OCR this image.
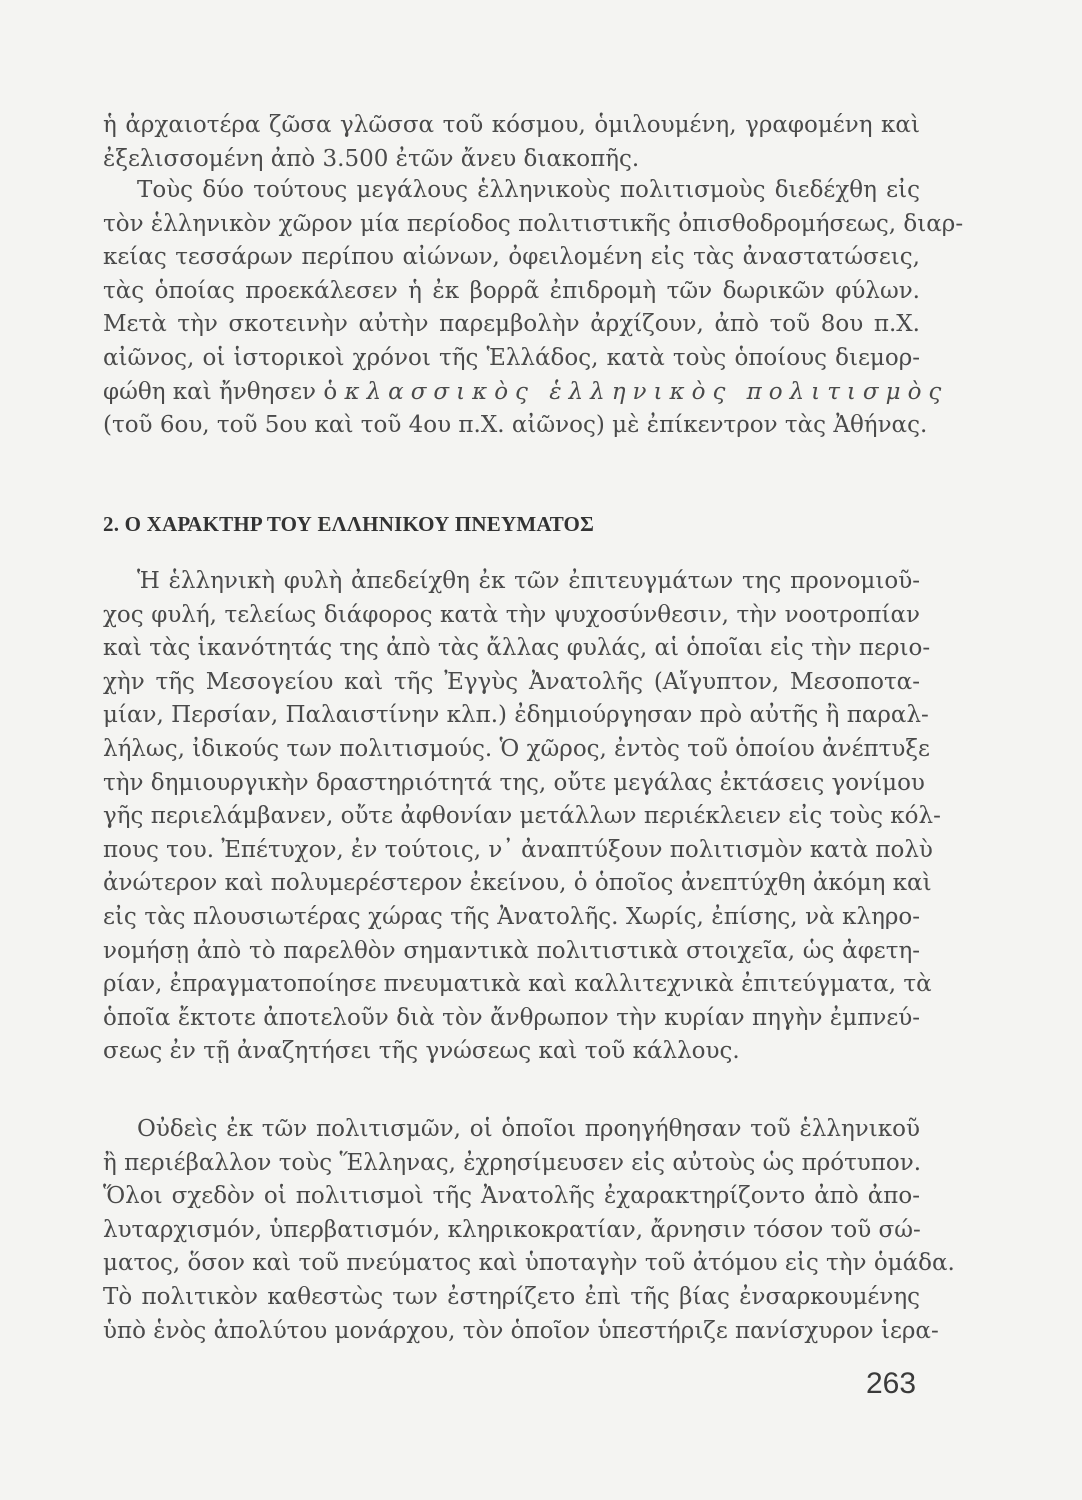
2. Ο ΧΑΡΑΚΤΗΡ ΤΟΥ ΕΛΛΗΝΙΚΟΥ ΠΝΕΥΜΑΤΟΣ
263
ἡ ἀρχαιοτέρα ζῶσα γλῶσσα τοῦ κόσμου, ὁμιλουμένη, γραφομένη καὶ
ἐξελισσομένη ἀπὸ 3.500 ἐτῶν ἄνευ διακοπῆς.
Τοὺς δύο τούτους μεγάλους ἑλληνικοὺς πολιτισμοὺς διεδέχθη εἰς
τὸν ἑλληνικὸν χῶρον μία περίοδος πολιτιστικῆς ὀπισθοδρομήσεως, διαρ-
κείας τεσσάρων περίπου αἰώνων, ὀφειλομένη εἰς τὰς ἀναστατώσεις,
τὰς ὁποίας προεκάλεσεν ἡ ἐκ βορρᾶ ἐπιδρομὴ τῶν δωρικῶν φύλων.
Μετὰ τὴν σκοτεινὴν αὐτὴν παρεμβολὴν ἀρχίζουν, ἀπὸ τοῦ 8ου π.Χ.
αἰῶνος, οἱ ἱστορικοὶ χρόνοι τῆς Ἑλλάδος, κατὰ τοὺς ὁποίους διεμορ-
φώθη καὶ ἤνθησεν ὁ κλασσικὸς ἑλληνικὸς πολιτισμὸς
(τοῦ 6ου, τοῦ 5ου καὶ τοῦ 4ου π.Χ. αἰῶνος) μὲ ἐπίκεντρον τὰς Ἀθήνας.
Ἡ ἑλληνικὴ φυλὴ ἀπεδείχθη ἐκ τῶν ἐπιτευγμάτων της προνομιοῦ-
χος φυλή, τελείως διάφορος κατὰ τὴν ψυχοσύνθεσιν, τὴν νοοτροπίαν
καὶ τὰς ἱκανότητάς της ἀπὸ τὰς ἄλλας φυλάς, αἱ ὁποῖαι εἰς τὴν περιο-
χὴν τῆς Μεσογείου καὶ τῆς Ἐγγὺς Ἀνατολῆς (Αἴγυπτον, Μεσοποτα-
μίαν, Περσίαν, Παλαιστίνην κλπ.) ἐδημιούργησαν πρὸ αὐτῆς ἢ παραλ-
λήλως, ἰδικούς των πολιτισμούς. Ὁ χῶρος, ἐντὸς τοῦ ὁποίου ἀνέπτυξε
τὴν δημιουργικὴν δραστηριότητά της, οὔτε μεγάλας ἐκτάσεις γονίμου
γῆς περιελάμβανεν, οὔτε ἀφθονίαν μετάλλων περιέκλειεν εἰς τοὺς κόλ-
πους του. Ἐπέτυχον, ἐν τούτοις, ν᾽ ἀναπτύξουν πολιτισμὸν κατὰ πολὺ
ἀνώτερον καὶ πολυμερέστερον ἐκείνου, ὁ ὁποῖος ἀνεπτύχθη ἀκόμη καὶ
εἰς τὰς πλουσιωτέρας χώρας τῆς Ἀνατολῆς. Χωρίς, ἐπίσης, νὰ κληρο-
νομήσῃ ἀπὸ τὸ παρελθὸν σημαντικὰ πολιτιστικὰ στοιχεῖα, ὡς ἀφετη-
ρίαν, ἐπραγματοποίησε πνευματικὰ καὶ καλλιτεχνικὰ ἐπιτεύγματα, τὰ
ὁποῖα ἔκτοτε ἀποτελοῦν διὰ τὸν ἄνθρωπον τὴν κυρίαν πηγὴν ἐμπνεύ-
σεως ἐν τῇ ἀναζητήσει τῆς γνώσεως καὶ τοῦ κάλλους.
Οὐδεὶς ἐκ τῶν πολιτισμῶν, οἱ ὁποῖοι προηγήθησαν τοῦ ἑλληνικοῦ
ἢ περιέβαλλον τοὺς Ἕλληνας, ἐχρησίμευσεν εἰς αὐτοὺς ὡς πρότυπον.
Ὅλοι σχεδὸν οἱ πολιτισμοὶ τῆς Ἀνατολῆς ἐχαρακτηρίζοντο ἀπὸ ἀπο-
λυταρχισμόν, ὑπερβατισμόν, κληρικοκρατίαν, ἄρνησιν τόσον τοῦ σώ-
ματος, ὅσον καὶ τοῦ πνεύματος καὶ ὑποταγὴν τοῦ ἀτόμου εἰς τὴν ὁμάδα.
Τὸ πολιτικὸν καθεστὼς των ἐστηρίζετο ἐπὶ τῆς βίας ἐνσαρκουμένης
ὑπὸ ἑνὸς ἀπολύτου μονάρχου, τὸν ὁποῖον ὑπεστήριζε πανίσχυρον ἱερα-
